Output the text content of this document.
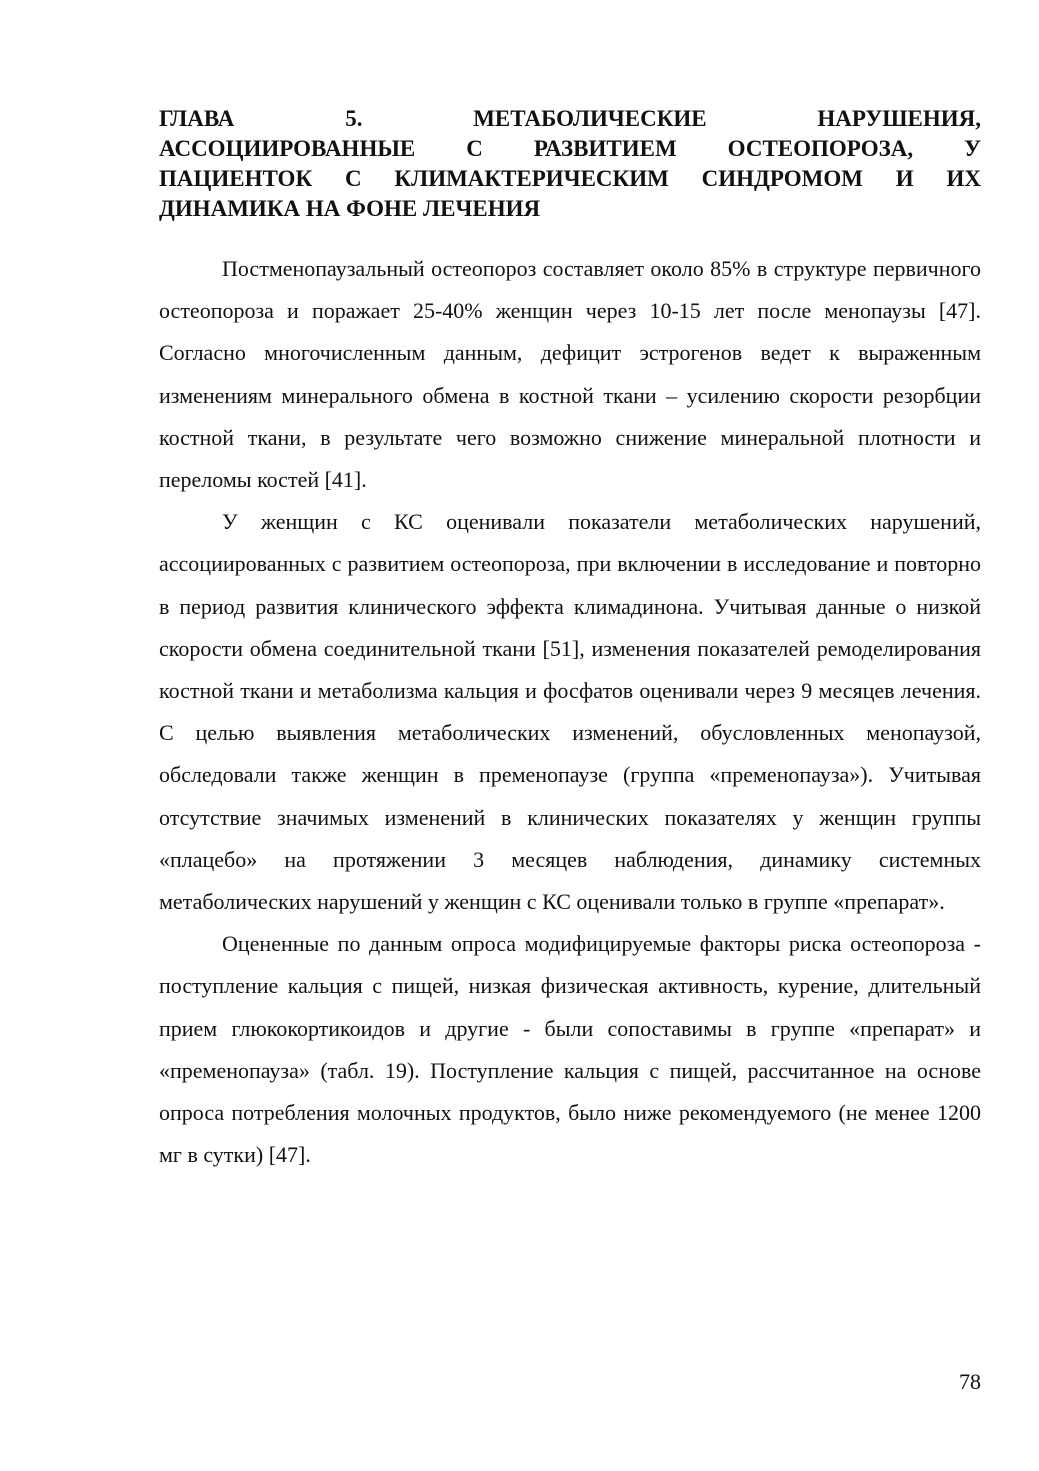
ГЛАВА 5. МЕТАБОЛИЧЕСКИЕ НАРУШЕНИЯ,
АССОЦИИРОВАННЫЕ С РАЗВИТИЕМ ОСТЕОПОРОЗА, У
ПАЦИЕНТОК С КЛИМАКТЕРИЧЕСКИМ СИНДРОМОМ И ИХ
ДИНАМИКА НА ФОНЕ ЛЕЧЕНИЯ

Постменопаузальный остеопороз составляет около 85% в структуре первичного остеопороза и поражает 25-40% женщин через 10-15 лет после менопаузы [47]. Согласно многочисленным данным, дефицит эстрогенов ведет к выраженным изменениям минерального обмена в костной ткани – усилению скорости резорбции костной ткани, в результате чего возможно снижение минеральной плотности и переломы костей [41].

У женщин с КС оценивали показатели метаболических нарушений, ассоциированных с развитием остеопороза, при включении в исследование и повторно в период развития клинического эффекта климадинона. Учитывая данные о низкой скорости обмена соединительной ткани [51], изменения показателей ремоделирования костной ткани и метаболизма кальция и фосфатов оценивали через 9 месяцев лечения. С целью выявления метаболических изменений, обусловленных менопаузой, обследовали также женщин в пременопаузе (группа «пременопауза»). Учитывая отсутствие значимых изменений в клинических показателях у женщин группы «плацебо» на протяжении 3 месяцев наблюдения, динамику системных метаболических нарушений у женщин с КС оценивали только в группе «препарат».

Оцененные по данным опроса модифицируемые факторы риска остеопороза - поступление кальция с пищей, низкая физическая активность, курение, длительный прием глюкокортикоидов и другие - были сопоставимы в группе «препарат» и «пременопауза» (табл. 19). Поступление кальция с пищей, рассчитанное на основе опроса потребления молочных продуктов, было ниже рекомендуемого (не менее 1200 мг в сутки) [47].

78
